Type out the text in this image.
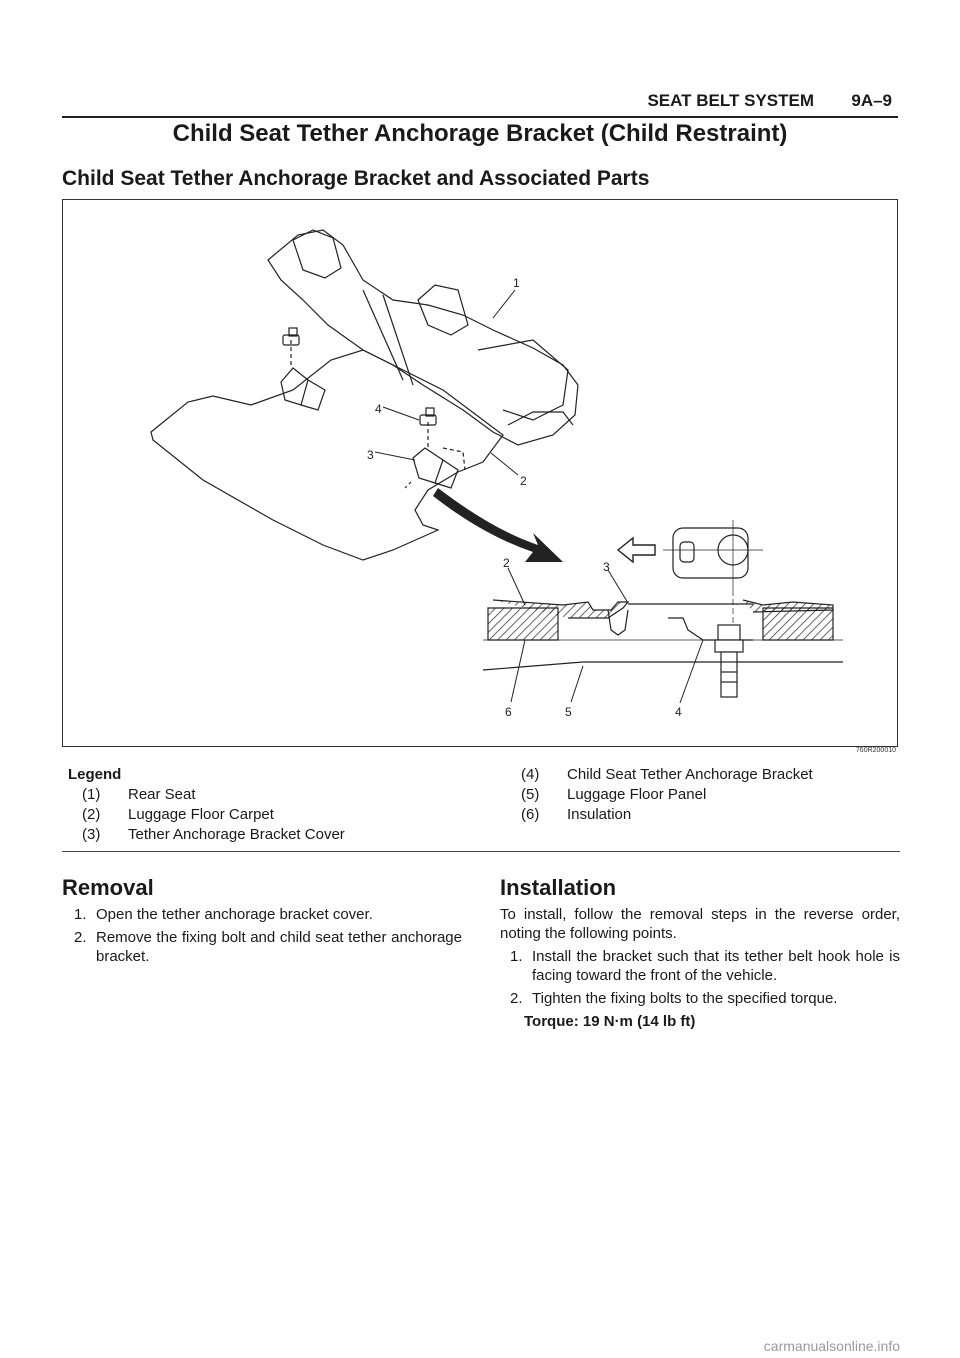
SEAT BELT SYSTEM 9A–9
Child Seat Tether Anchorage Bracket (Child Restraint)
Child Seat Tether Anchorage Bracket and Associated Parts
1
4
3
2
2	3
6	5	4
760R200010
Legend
(1)	Rear Seat
(2)	Luggage Floor Carpet
(3)	Tether Anchorage Bracket Cover
(4)	Child Seat Tether Anchorage Bracket
(5)	Luggage Floor Panel
(6)	Insulation
Removal
1. Open the tether anchorage bracket cover.
2. Remove the fixing bolt and child seat tether anchorage bracket.
Installation
To install, follow the removal steps in the reverse order, noting the following points.
1. Install the bracket such that its tether belt hook hole is facing toward the front of the vehicle.
2. Tighten the fixing bolts to the specified torque.
Torque: 19 N·m (14 lb ft)
carmanualsonline.info
